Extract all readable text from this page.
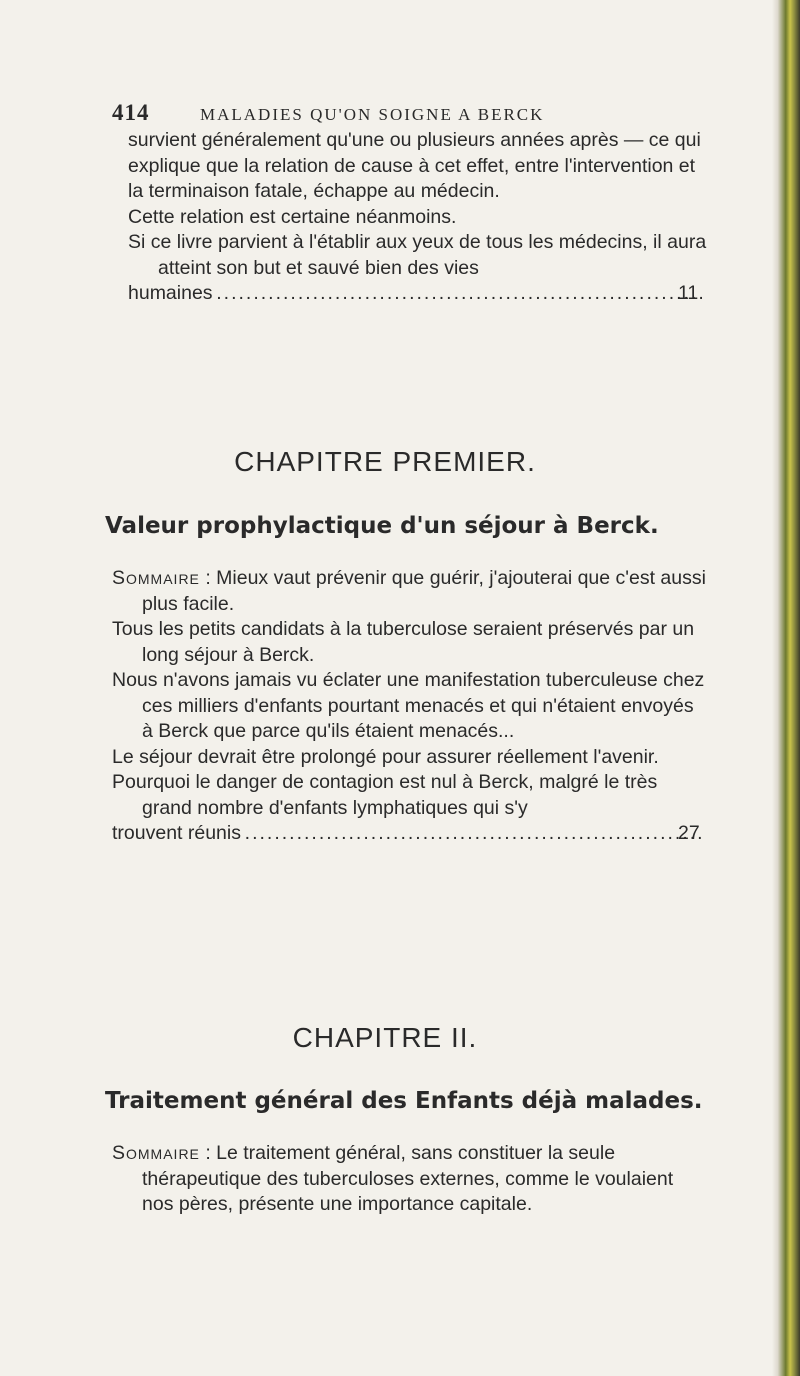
414	MALADIES QU'ON SOIGNE A BERCK

survient généralement qu'une ou plusieurs années après — ce qui explique que la relation de cause à cet effet, entre l'intervention et la terminaison fatale, échappe au médecin.

Cette relation est certaine néanmoins.

Si ce livre parvient à l'établir aux yeux de tous les médecins, il aura atteint son but et sauvé bien des vies
humaines .....	11
CHAPITRE PREMIER.
Valeur prophylactique d'un séjour à Berck.

Sommaire : Mieux vaut prévenir que guérir, j'ajouterai que c'est aussi plus facile.

Tous les petits candidats à la tuberculose seraient préservés par un long séjour à Berck.

Nous n'avons jamais vu éclater une manifestation tuberculeuse chez ces milliers d'enfants pourtant menacés et qui n'étaient envoyés à Berck que parce qu'ils étaient menacés...

Le séjour devrait être prolongé pour assurer réellement l'avenir.

Pourquoi le danger de contagion est nul à Berck, malgré le très grand nombre d'enfants lymphatiques qui s'y
trouvent réunis .....	27
CHAPITRE II.
Traitement général des Enfants déjà malades.

Sommaire : Le traitement général, sans constituer la seule thérapeutique des tuberculoses externes, comme le voulaient nos pères, présente une importance capitale.
